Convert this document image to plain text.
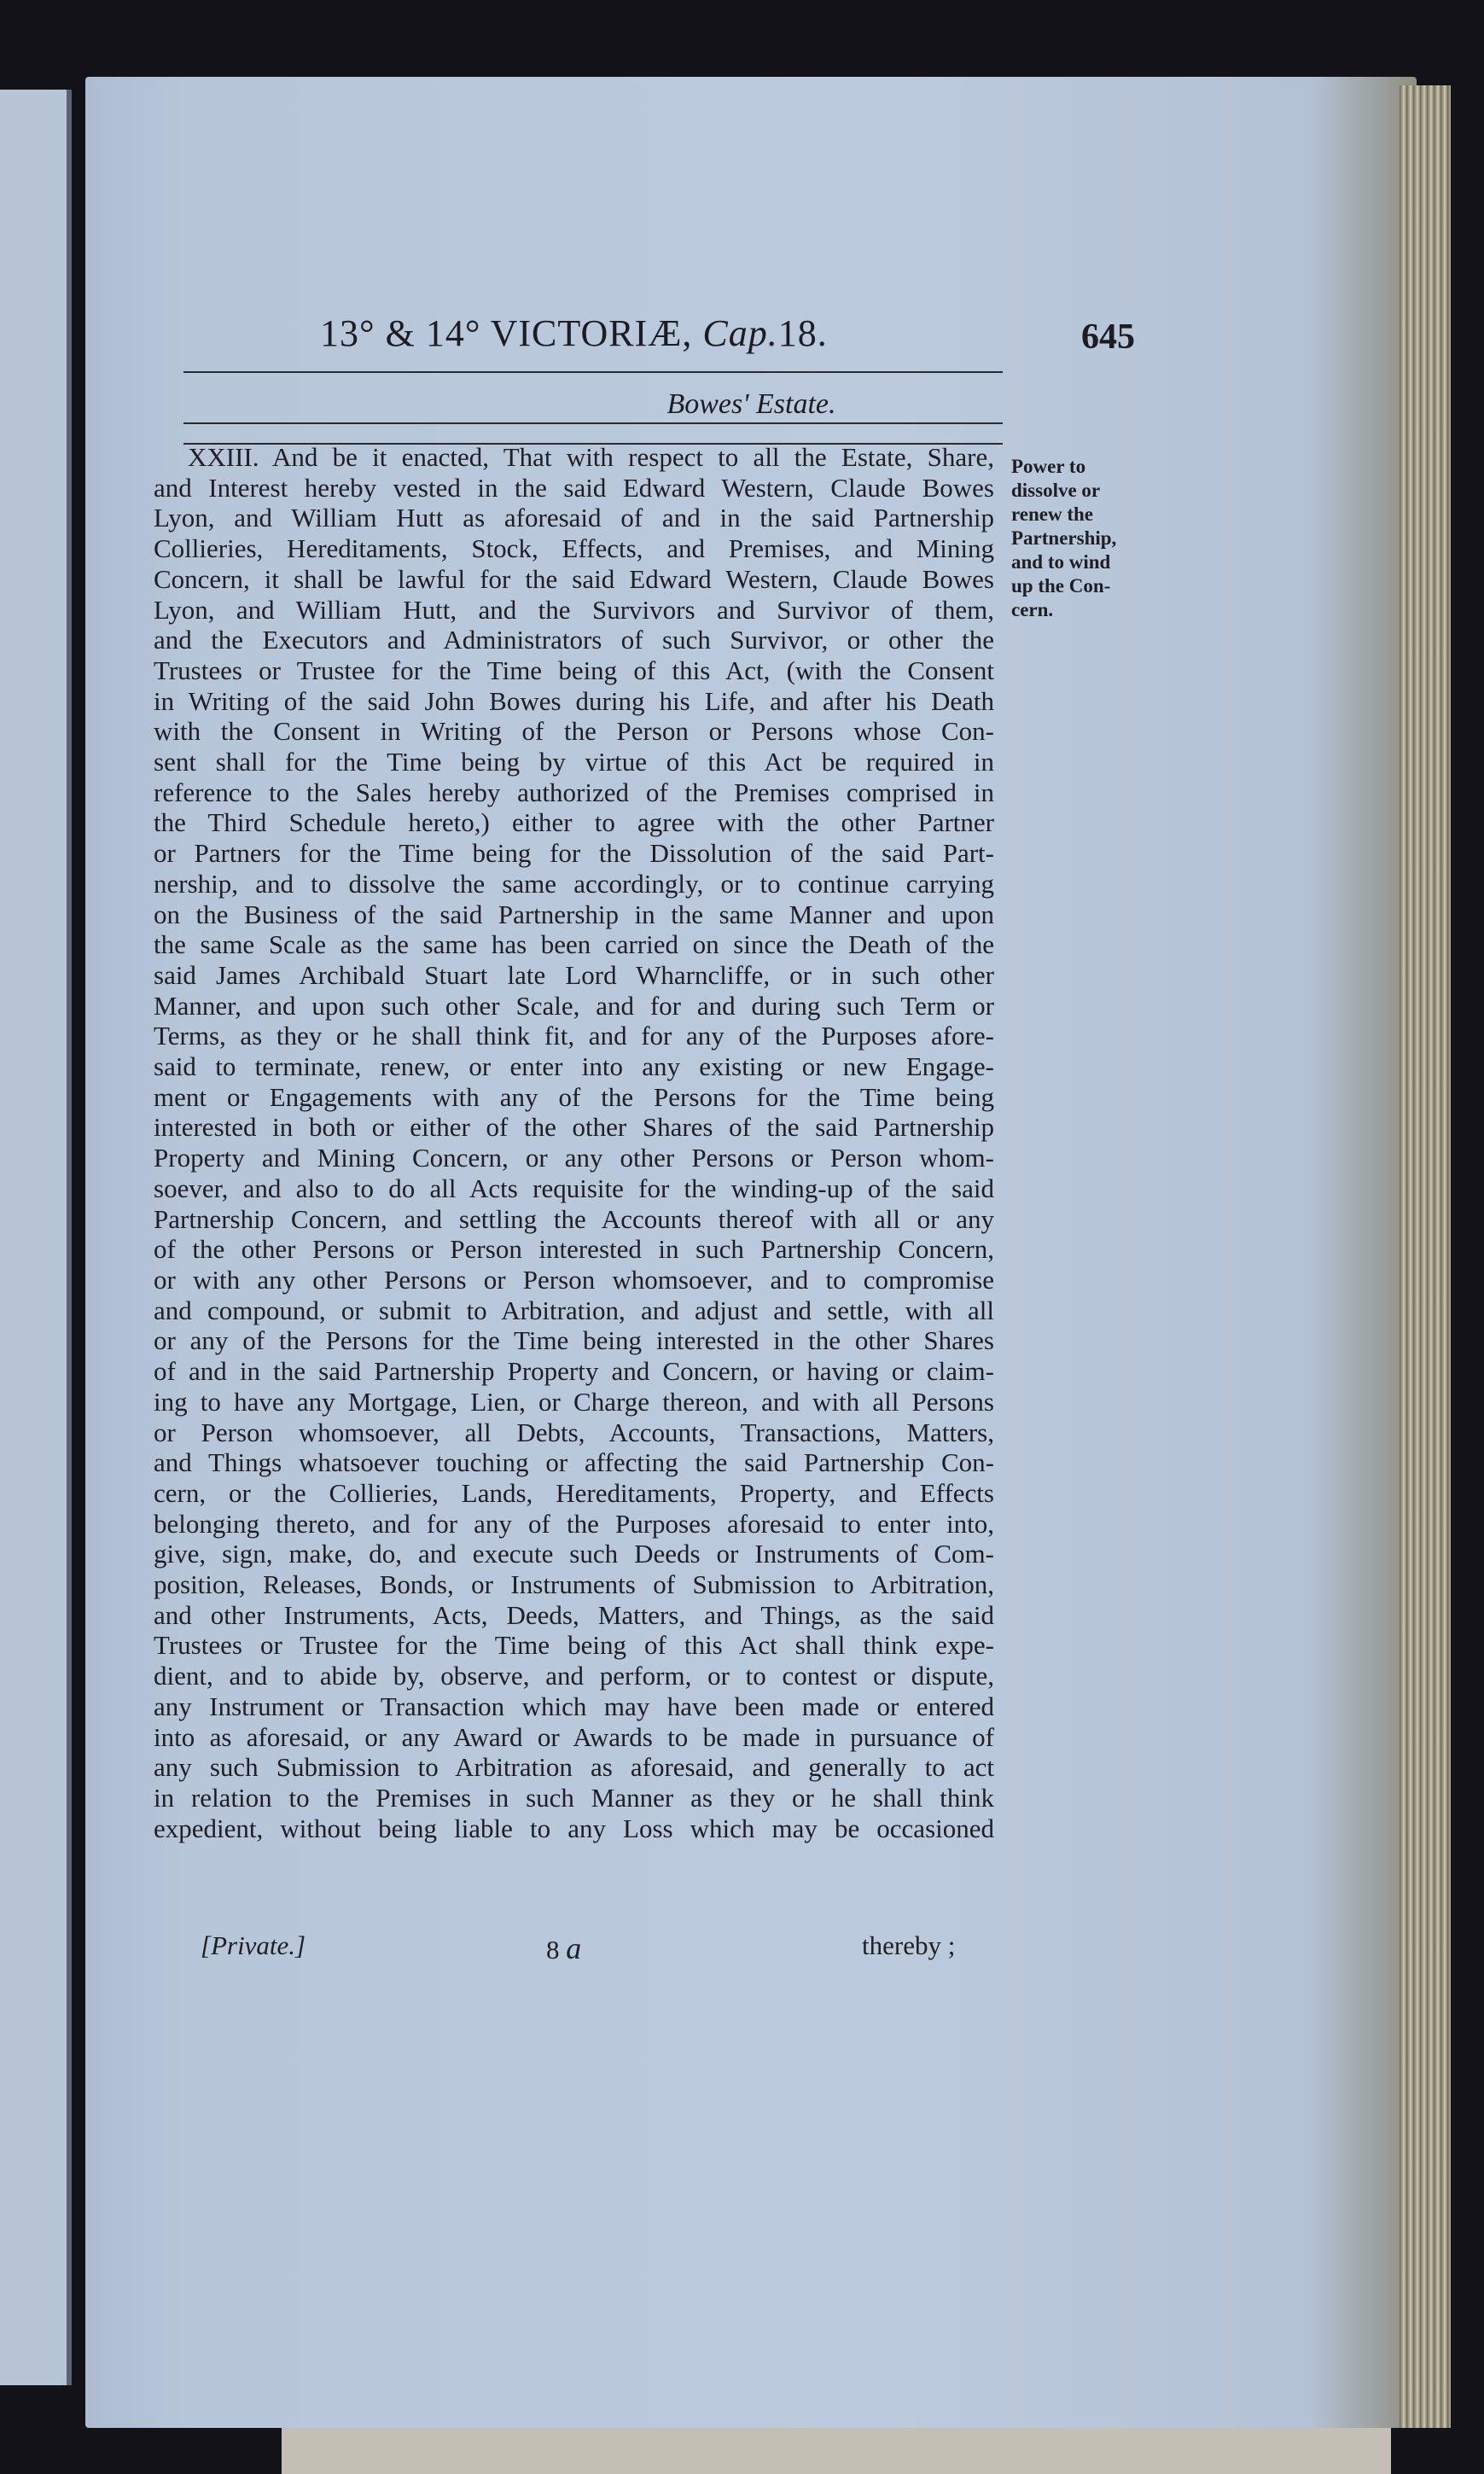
13° & 14° VICTORIÆ, Cap.18.	645
Bowes' Estate.
XXIII. And be it enacted, That with respect to all the Estate, Share,
and Interest hereby vested in the said Edward Western, Claude Bowes
Lyon, and William Hutt as aforesaid of and in the said Partnership
Collieries, Hereditaments, Stock, Effects, and Premises, and Mining
Concern, it shall be lawful for the said Edward Western, Claude Bowes
Lyon, and William Hutt, and the Survivors and Survivor of them,
and the Executors and Administrators of such Survivor, or other the
Trustees or Trustee for the Time being of this Act, (with the Consent
in Writing of the said John Bowes during his Life, and after his Death
with the Consent in Writing of the Person or Persons whose Con-
sent shall for the Time being by virtue of this Act be required in
reference to the Sales hereby authorized of the Premises comprised in
the Third Schedule hereto,) either to agree with the other Partner
or Partners for the Time being for the Dissolution of the said Part-
nership, and to dissolve the same accordingly, or to continue carrying
on the Business of the said Partnership in the same Manner and upon
the same Scale as the same has been carried on since the Death of the
said James Archibald Stuart late Lord Wharncliffe, or in such other
Manner, and upon such other Scale, and for and during such Term or
Terms, as they or he shall think fit, and for any of the Purposes afore-
said to terminate, renew, or enter into any existing or new Engage-
ment or Engagements with any of the Persons for the Time being
interested in both or either of the other Shares of the said Partnership
Property and Mining Concern, or any other Persons or Person whom-
soever, and also to do all Acts requisite for the winding-up of the said
Partnership Concern, and settling the Accounts thereof with all or any
of the other Persons or Person interested in such Partnership Concern,
or with any other Persons or Person whomsoever, and to compromise
and compound, or submit to Arbitration, and adjust and settle, with all
or any of the Persons for the Time being interested in the other Shares
of and in the said Partnership Property and Concern, or having or claim-
ing to have any Mortgage, Lien, or Charge thereon, and with all Persons
or Person whomsoever, all Debts, Accounts, Transactions, Matters,
and Things whatsoever touching or affecting the said Partnership Con-
cern, or the Collieries, Lands, Hereditaments, Property, and Effects
belonging thereto, and for any of the Purposes aforesaid to enter into,
give, sign, make, do, and execute such Deeds or Instruments of Com-
position, Releases, Bonds, or Instruments of Submission to Arbitration,
and other Instruments, Acts, Deeds, Matters, and Things, as the said
Trustees or Trustee for the Time being of this Act shall think expe-
dient, and to abide by, observe, and perform, or to contest or dispute,
any Instrument or Transaction which may have been made or entered
into as aforesaid, or any Award or Awards to be made in pursuance of
any such Submission to Arbitration as aforesaid, and generally to act
in relation to the Premises in such Manner as they or he shall think
expedient, without being liable to any Loss which may be occasioned
Power to
dissolve or
renew the
Partnership,
and to wind
up the Con-
cern.
[Private.]	8 a	thereby ;
